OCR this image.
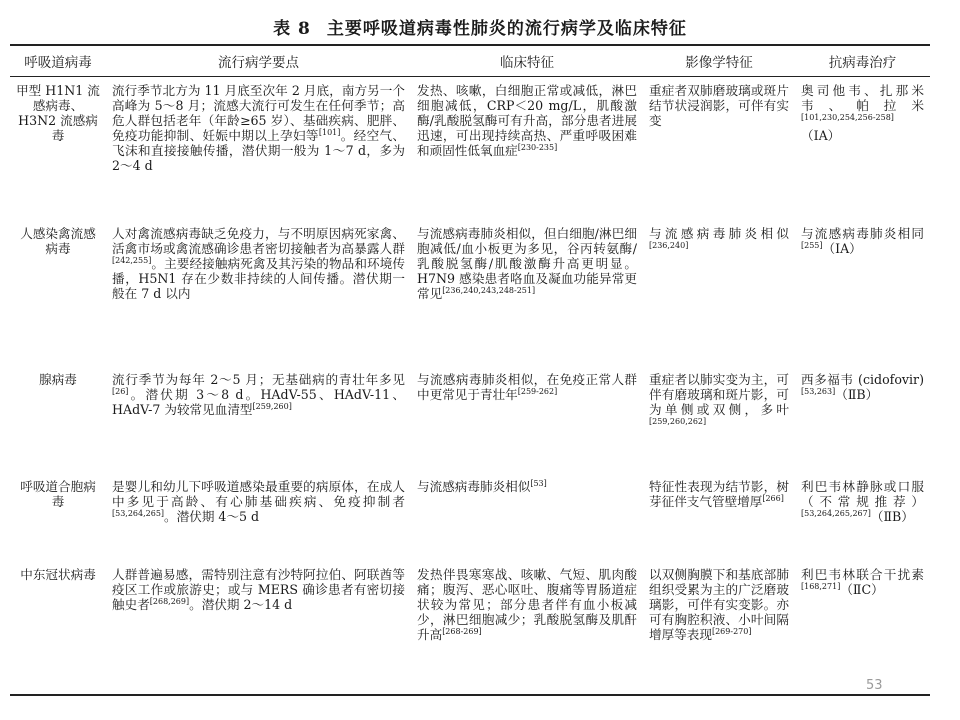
表 8 主要呼吸道病毒性肺炎的流行病学及临床特征
呼吸道病毒	流行病学要点	临床特征	影像学特征	抗病毒治疗
甲型 H1N1 流感病毒、H3N2 流感病毒	流行季节北方为 11 月底至次年 2 月底，南方另一个高峰为 5～8 月；流感大流行可发生在任何季节；高危人群包括老年（年龄≥65 岁）、基础疾病、肥胖、免疫功能抑制、妊娠中期以上孕妇等[101]。经空气、飞沫和直接接触传播，潜伏期一般为 1～7 d，多为 2～4 d	发热、咳嗽，白细胞正常或减低，淋巴细胞减低，CRP＜20 mg/L，肌酸激酶/乳酸脱氢酶可有升高，部分患者进展迅速，可出现持续高热、严重呼吸困难和顽固性低氧血症[230-235]	重症者双肺磨玻璃或斑片结节状浸润影，可伴有实变	奥司他韦、扎那米韦、帕拉米[101,230,254,256-258]（ⅠA）
人感染禽流感病毒	人对禽流感病毒缺乏免疫力，与不明原因病死家禽、活禽市场或禽流感确诊患者密切接触者为高暴露人群[242,255]。主要经接触病死禽及其污染的物品和环境传播，H5N1 存在少数非持续的人间传播。潜伏期一般在 7 d 以内	与流感病毒肺炎相似，但白细胞/淋巴细胞减低/血小板更为多见，谷丙转氨酶/乳酸脱氢酶/肌酸激酶升高更明显。H7N9 感染患者咯血及凝血功能异常更常见[236,240,243,248-251]	与流感病毒肺炎相似[236,240]	与流感病毒肺炎相同[255]（ⅠA）
腺病毒	流行季节为每年 2～5 月；无基础病的青壮年多见[26]。潜伏期 3～8 d。HAdV-55、HAdV-11、HAdV-7 为较常见血清型[259,260]	与流感病毒肺炎相似，在免疫正常人群中更常见于青壮年[259-262]	重症者以肺实变为主，可伴有磨玻璃和斑片影，可为单侧或双侧，多叶[259,260,262]	西多福韦 (cidofovir)[53,263]（ⅡB）
呼吸道合胞病毒	是婴儿和幼儿下呼吸道感染最重要的病原体，在成人中多见于高龄、有心肺基础疾病、免疫抑制者[53,264,265]。潜伏期 4～5 d	与流感病毒肺炎相似[53]	特征性表现为结节影，树芽征伴支气管壁增厚[266]	利巴韦林静脉或口服（不常规推荐）[53,264,265,267]（ⅡB）
中东冠状病毒	人群普遍易感，需特别注意有沙特阿拉伯、阿联酋等疫区工作或旅游史；或与 MERS 确诊患者有密切接触史者[268,269]。潜伏期 2～14 d	发热伴畏寒寒战、咳嗽、气短、肌肉酸痛；腹泻、恶心呕吐、腹痛等胃肠道症状较为常见；部分患者伴有血小板减少，淋巴细胞减少；乳酸脱氢酶及肌酐升高[268-269]	以双侧胸膜下和基底部肺组织受累为主的广泛磨玻璃影，可伴有实变影。亦可有胸腔积液、小叶间隔增厚等表现[269-270]	利巴韦林联合干扰素[168,271]（ⅡC）
53
